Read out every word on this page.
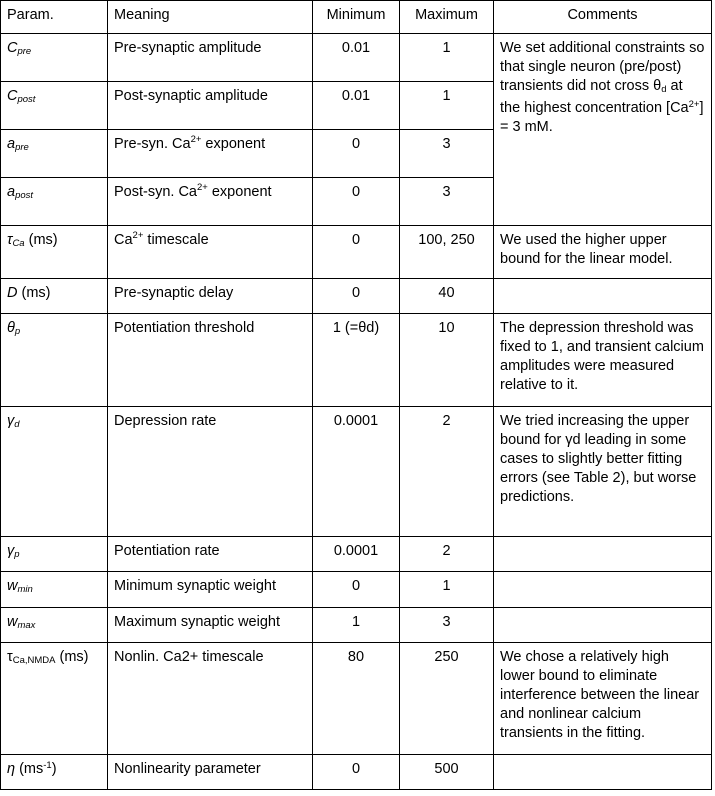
Param.	Meaning	Minimum	Maximum	Comments
$C_{pre}$	Pre-synaptic amplitude	0.01	1	We set additional constraints so that single neuron (pre/post) transients did not cross $\theta_d$ at the highest concentration $[Ca^{2+}] = 3$ mM.
$C_{post}$	Post-synaptic amplitude	0.01	1	
$a_{pre}$	Pre-syn. $Ca^{2+}$ exponent	0	3	
$a_{post}$	Post-syn. $Ca^{2+}$ exponent	0	3	
$\tau_{Ca}$ (ms)	$Ca^{2+}$ timescale	0	100, 250	We used the higher upper bound for the linear model.
D (ms)	Pre-synaptic delay	0	40	
$\theta_p$	Potentiation threshold	1 (=θd)	10	The depression threshold was fixed to 1, and transient calcium amplitudes were measured relative to it.
$\gamma_d$	Depression rate	0.0001	2	We tried increasing the upper bound for γd leading in some cases to slightly better fitting errors (see Table 2), but worse predictions.
$\gamma_p$	Potentiation rate	0.0001	2	
$w_{min}$	Minimum synaptic weight	0	1	
$w_{max}$	Maximum synaptic weight	1	3	
$\tau_{Ca,NMDA}$ (ms)	Nonlin. Ca2+ timescale	80	250	We chose a relatively high lower bound to eliminate interference between the linear and nonlinear calcium transients in the fitting.
η $(ms^{-1})$	Nonlinearity parameter	0	500	
